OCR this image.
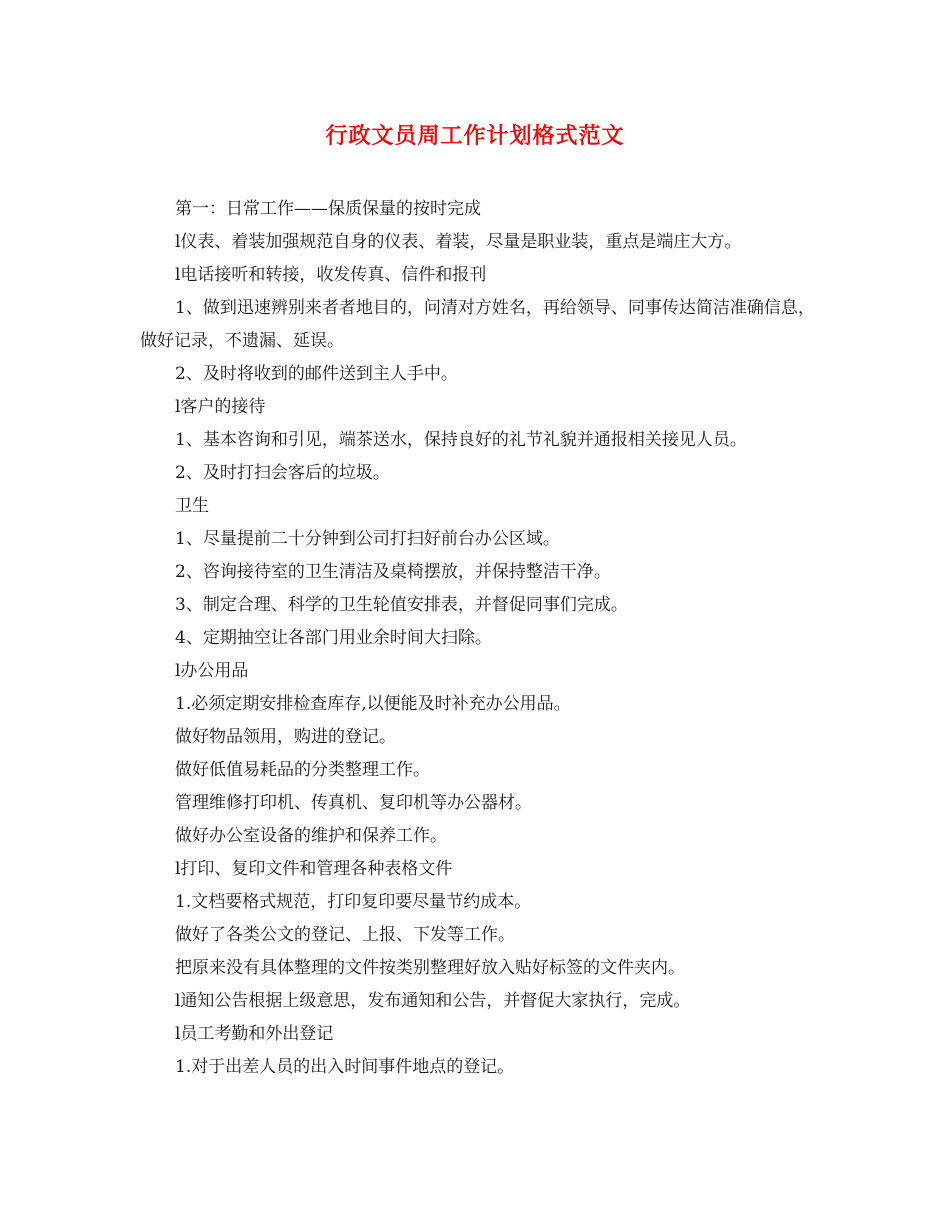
行政文员周工作计划格式范文

第一：日常工作——保质保量的按时完成

l仪表、着装加强规范自身的仪表、着装，尽量是职业装，重点是端庄大方。

l电话接听和转接，收发传真、信件和报刊

1、做到迅速辨别来者者地目的，问清对方姓名，再给领导、同事传达简洁准确信息，做好记录，不遗漏、延误。

2、及时将收到的邮件送到主人手中。

l客户的接待

1、基本咨询和引见，端茶送水，保持良好的礼节礼貌并通报相关接见人员。

2、及时打扫会客后的垃圾。

卫生

1、尽量提前二十分钟到公司打扫好前台办公区域。

2、咨询接待室的卫生清洁及桌椅摆放，并保持整洁干净。

3、制定合理、科学的卫生轮值安排表，并督促同事们完成。

4、定期抽空让各部门用业余时间大扫除。

l办公用品

1.必须定期安排检查库存,以便能及时补充办公用品。

做好物品领用，购进的登记。

做好低值易耗品的分类整理工作。

管理维修打印机、传真机、复印机等办公器材。

做好办公室设备的维护和保养工作。

l打印、复印文件和管理各种表格文件

1.文档要格式规范，打印复印要尽量节约成本。

做好了各类公文的登记、上报、下发等工作。

把原来没有具体整理的文件按类别整理好放入贴好标签的文件夹内。

l通知公告根据上级意思，发布通知和公告，并督促大家执行，完成。

l员工考勤和外出登记

1.对于出差人员的出入时间事件地点的登记。
